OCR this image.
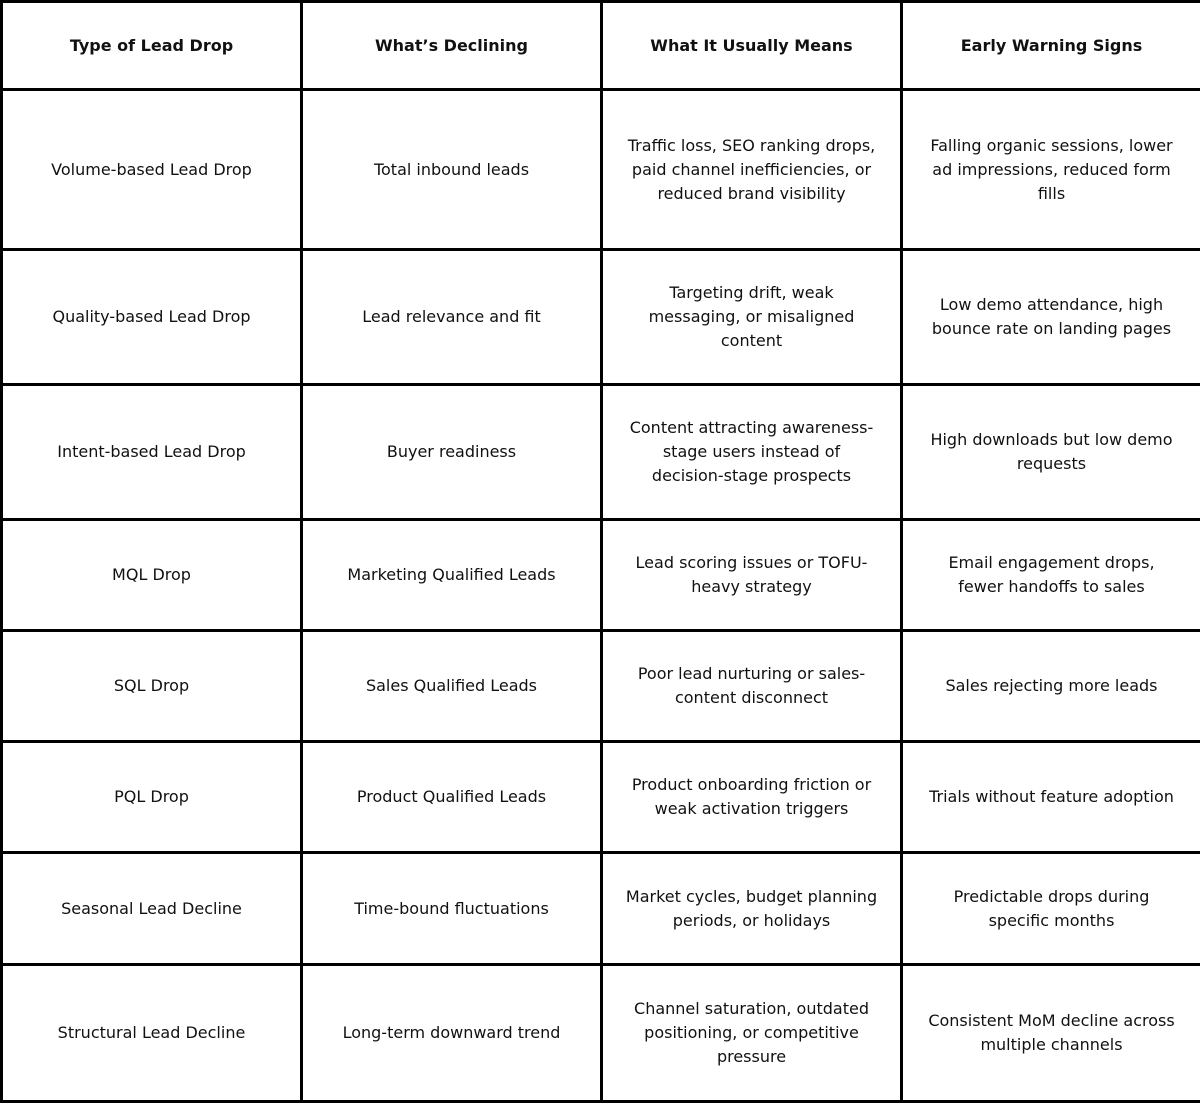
Type of Lead Drop	What’s Declining	What It Usually Means	Early Warning Signs
Volume-based Lead Drop	Total inbound leads	Traffic loss, SEO ranking drops, paid channel inefficiencies, or reduced brand visibility	Falling organic sessions, lower ad impressions, reduced form fills
Quality-based Lead Drop	Lead relevance and fit	Targeting drift, weak messaging, or misaligned content	Low demo attendance, high bounce rate on landing pages
Intent-based Lead Drop	Buyer readiness	Content attracting awareness-stage users instead of decision-stage prospects	High downloads but low demo requests
MQL Drop	Marketing Qualified Leads	Lead scoring issues or TOFU-heavy strategy	Email engagement drops, fewer handoffs to sales
SQL Drop	Sales Qualified Leads	Poor lead nurturing or sales-content disconnect	Sales rejecting more leads
PQL Drop	Product Qualified Leads	Product onboarding friction or weak activation triggers	Trials without feature adoption
Seasonal Lead Decline	Time-bound fluctuations	Market cycles, budget planning periods, or holidays	Predictable drops during specific months
Structural Lead Decline	Long-term downward trend	Channel saturation, outdated positioning, or competitive pressure	Consistent MoM decline across multiple channels
